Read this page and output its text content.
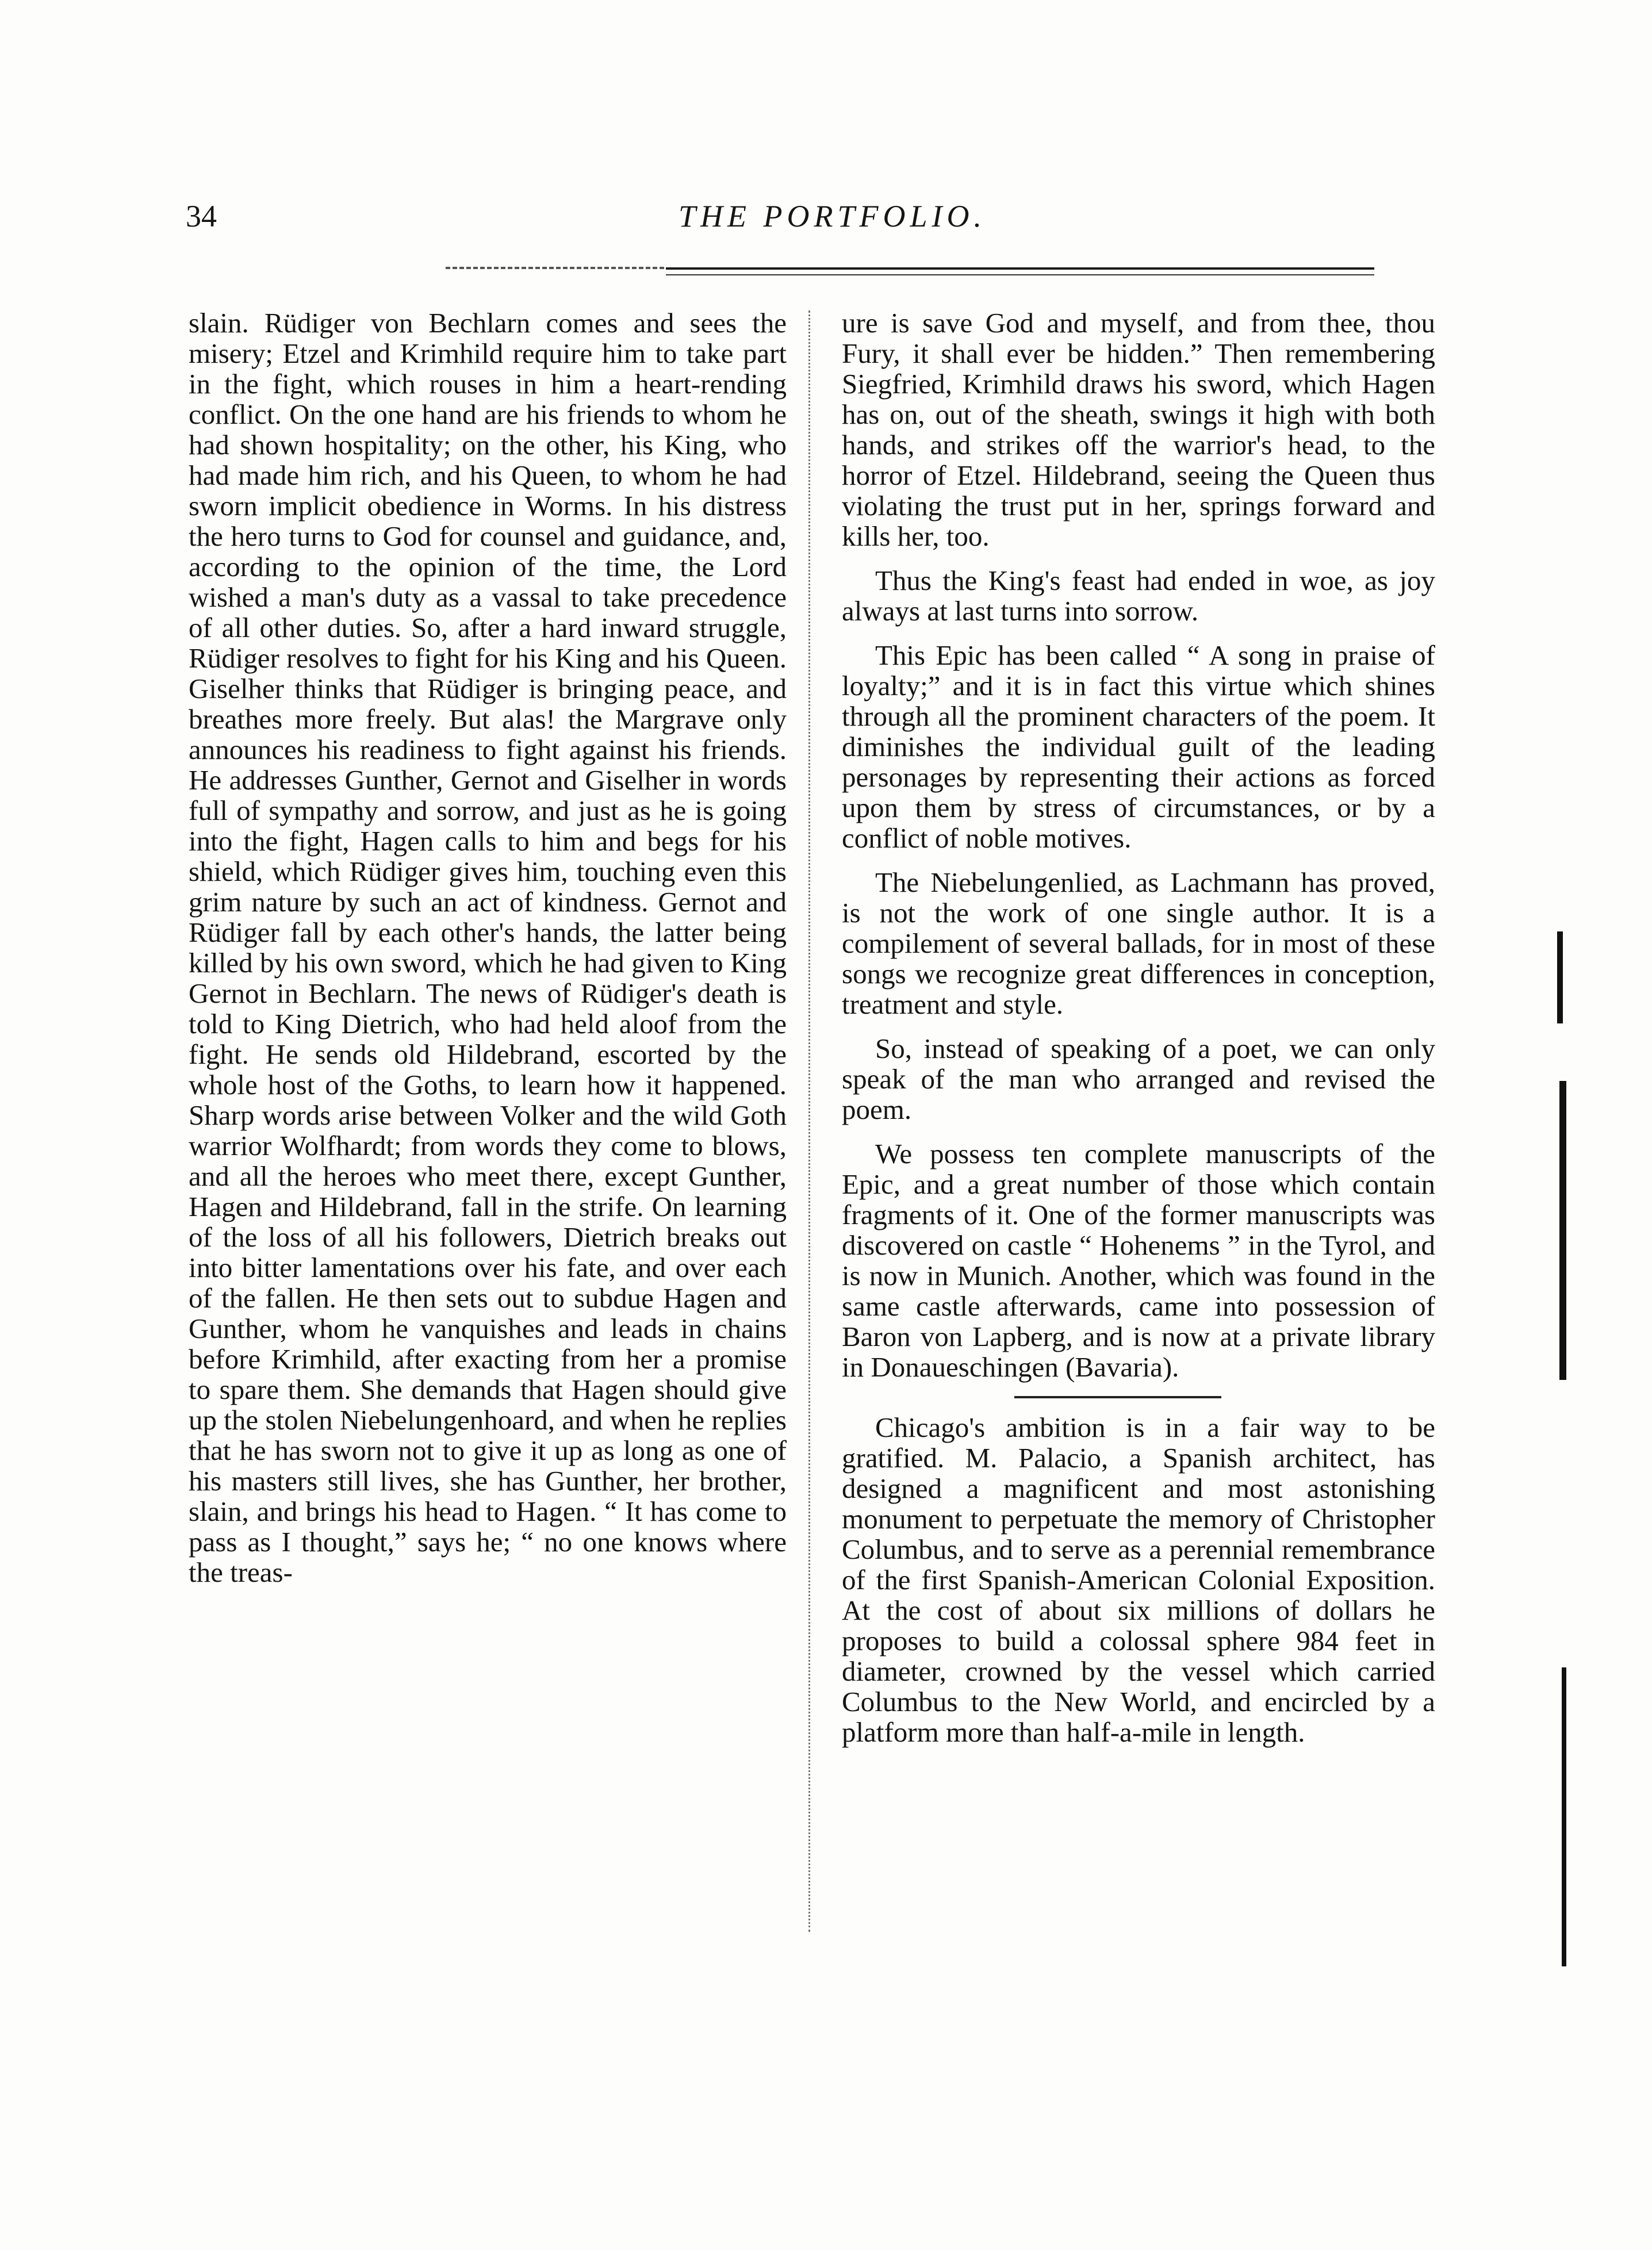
34	THE PORTFOLIO.

slain. Rüdiger von Bechlarn comes and sees the misery; Etzel and Krimhild require him to take part in the fight, which rouses in him a heart-rending conflict. On the one hand are his friends to whom he had shown hospitality; on the other, his King, who had made him rich, and his Queen, to whom he had sworn implicit obedience in Worms. In his distress the hero turns to God for counsel and guidance, and, according to the opinion of the time, the Lord wished a man's duty as a vassal to take precedence of all other duties. So, after a hard inward struggle, Rüdiger resolves to fight for his King and his Queen. Giselher thinks that Rüdiger is bringing peace, and breathes more freely. But alas! the Margrave only announces his readiness to fight against his friends. He addresses Gunther, Gernot and Giselher in words full of sympathy and sorrow, and just as he is going into the fight, Hagen calls to him and begs for his shield, which Rüdiger gives him, touching even this grim nature by such an act of kindness. Gernot and Rüdiger fall by each other's hands, the latter being killed by his own sword, which he had given to King Gernot in Bechlarn. The news of Rüdiger's death is told to King Dietrich, who had held aloof from the fight. He sends old Hildebrand, escorted by the whole host of the Goths, to learn how it happened. Sharp words arise between Volker and the wild Goth warrior Wolfhardt; from words they come to blows, and all the heroes who meet there, except Gunther, Hagen and Hildebrand, fall in the strife. On learning of the loss of all his followers, Dietrich breaks out into bitter lamentations over his fate, and over each of the fallen. He then sets out to subdue Hagen and Gunther, whom he vanquishes and leads in chains before Krimhild, after exacting from her a promise to spare them. She demands that Hagen should give up the stolen Niebelungenhoard, and when he replies that he has sworn not to give it up as long as one of his masters still lives, she has Gunther, her brother, slain, and brings his head to Hagen. “ It has come to pass as I thought,” says he; “ no one knows where the treas-

ure is save God and myself, and from thee, thou Fury, it shall ever be hidden.” Then remembering Siegfried, Krimhild draws his sword, which Hagen has on, out of the sheath, swings it high with both hands, and strikes off the warrior's head, to the horror of Etzel. Hildebrand, seeing the Queen thus violating the trust put in her, springs forward and kills her, too.

Thus the King's feast had ended in woe, as joy always at last turns into sorrow.

This Epic has been called “ A song in praise of loyalty;” and it is in fact this virtue which shines through all the prominent characters of the poem. It diminishes the individual guilt of the leading personages by representing their actions as forced upon them by stress of circumstances, or by a conflict of noble motives.

The Niebelungenlied, as Lachmann has proved, is not the work of one single author. It is a compilement of several ballads, for in most of these songs we recognize great differences in conception, treatment and style.

So, instead of speaking of a poet, we can only speak of the man who arranged and revised the poem.

We possess ten complete manuscripts of the Epic, and a great number of those which contain fragments of it. One of the former manuscripts was discovered on castle “ Hohenems ” in the Tyrol, and is now in Munich. Another, which was found in the same castle afterwards, came into possession of Baron von Lapberg, and is now at a private library in Donaueschingen (Bavaria).

Chicago's ambition is in a fair way to be gratified. M. Palacio, a Spanish architect, has designed a magnificent and most astonishing monument to perpetuate the memory of Christopher Columbus, and to serve as a perennial remembrance of the first Spanish-American Colonial Exposition. At the cost of about six millions of dollars he proposes to build a colossal sphere 984 feet in diameter, crowned by the vessel which carried Columbus to the New World, and encircled by a platform more than half-a-mile in length.
